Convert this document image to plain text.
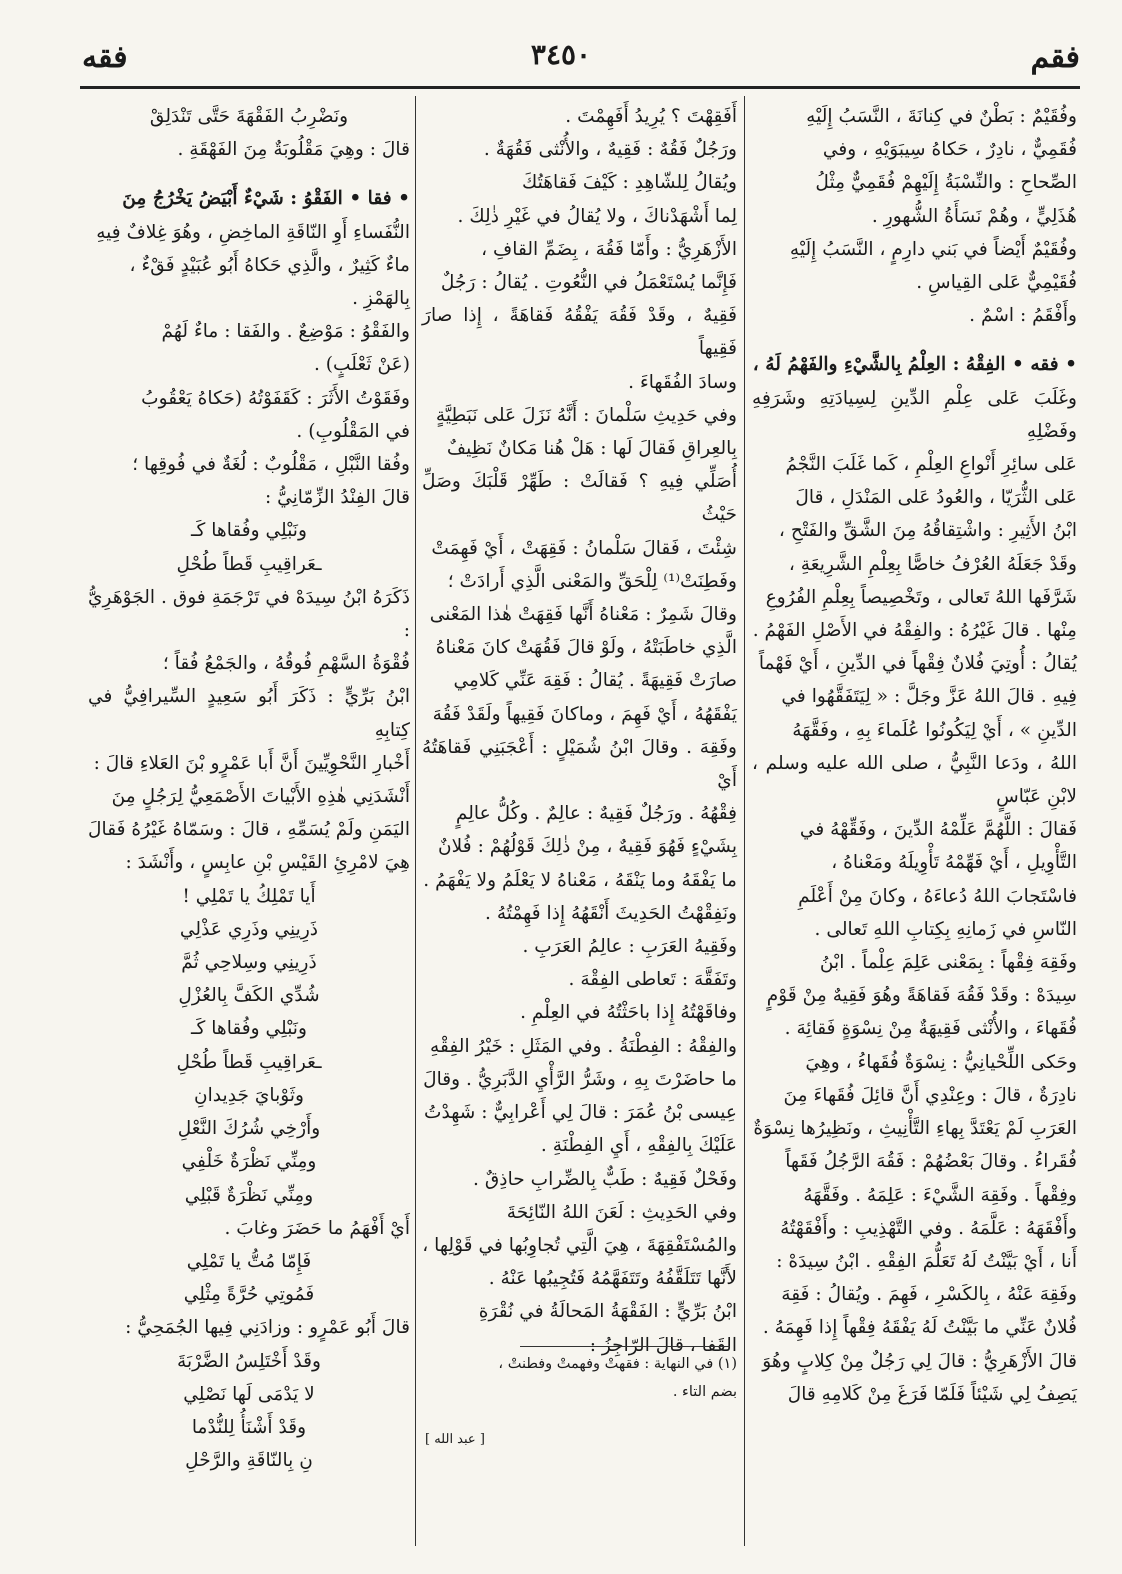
فقم
٣٤٥٠
فقه

وفُقَيْمٌ : بَطْنٌ في كِنانَةَ ، النَّسَبُ إِلَيْهِ

فُقَمِيٌّ ، نادِرٌ ، حَكاهُ سِيبَوَيْهِ ، وفي

الصِّحاحِ : والنِّسْبَةُ إِلَيْهِمْ فُقَمِيٌّ مِثْلُ

هُذَلِيٍّ ، وهُمْ نَسَأَةُ الشُّهورِ .

وفُقَيْمٌ أَيْضاً في بَني دارِمٍ ، النَّسَبُ إِلَيْهِ

فُقَيْمِيٌّ عَلى القِياسِ .

وأَفْقَمُ : اسْمٌ .

• فقه • الفِقْهُ : العِلْمُ بِالشَّيْءِ والفَهْمُ لَهُ ،

وغَلَبَ عَلى عِلْمِ الدِّينِ لِسِيادَتِهِ وشَرَفِهِ وفَضْلِهِ

عَلى سائِرِ أَنْواعِ العِلْمِ ، كَما غَلَبَ النَّجْمُ

عَلى الثُّرَيّا ، والعُودُ عَلى المَنْدَلِ ، قالَ

ابْنُ الأَثِيرِ : واشْتِقاقُهُ مِنَ الشَّقِّ والفَتْحِ ،

وقَدْ جَعَلَهُ العُرْفُ خاصًّا بِعِلْمِ الشَّرِيعَةِ ،

شَرَّفَها اللهُ تَعالى ، وتَخْصِيصاً بِعِلْمِ الفُرُوعِ

مِنْها . قالَ غَيْرُهُ : والفِقْهُ في الأَصْلِ الفَهْمُ .

يُقالُ : أُوتِيَ فُلانٌ فِقْهاً في الدِّينِ ، أَيْ فَهْماً

فِيهِ . قالَ اللهُ عَزَّ وجَلَّ : « لِيَتَفَقَّهُوا في

الدِّينِ » ، أَيْ لِيَكُونُوا عُلَماءَ بِهِ ، وفَقَّهَهُ

اللهُ ، ودَعا النَّبِيُّ ، صلى الله عليه وسلم ، لابْنِ عَبّاسٍ

فَقالَ : اللَّهُمَّ عَلِّمْهُ الدِّينَ ، وفَقِّهْهُ في

التَّأْوِيلِ ، أَيْ فَهِّمْهُ تَأْوِيلَهُ ومَعْناهُ ،

فاسْتَجابَ اللهُ دُعاءَهُ ، وكانَ مِنْ أَعْلَمِ

النّاسِ في زَمانِهِ بِكِتابِ اللهِ تَعالى .

وفَقِهَ فِقْهاً : بِمَعْنى عَلِمَ عِلْماً . ابْنُ

سِيدَهْ : وقَدْ فَقُهَ فَقاهَةً وهُوَ فَقِيهٌ مِنْ قَوْمٍ

فُقَهاءَ ، والأُنْثى فَقِيهَةٌ مِنْ نِسْوَةٍ فَقائِهَ .

وحَكى اللِّحْيانِيُّ : نِسْوَةٌ فُقَهاءُ ، وهِيَ

نادِرَةٌ ، قالَ : وعِنْدِي أَنَّ قائِلَ فُقَهاءَ مِنَ

العَرَبِ لَمْ يَعْتَدَّ بِهاءِ التَّأْنِيثِ ، ونَظِيرُها نِسْوَةٌ

فُقَراءُ . وقالَ بَعْضُهُمْ : فَقُهَ الرَّجُلُ فَقَهاً

وفِقْهاً . وفَقِهَ الشَّيْءَ : عَلِمَهُ . وفَقَّهَهُ

وأَفْقَهَهُ : عَلَّمَهُ . وفي التَّهْذِيبِ : وأَفْقَهْتُهُ

أَنا ، أَيْ بَيَّنْتُ لَهُ تَعَلُّمَ الفِقْهِ . ابْنُ سِيدَهْ :

وفَقِهَ عَنْهُ ، بِالكَسْرِ ، فَهِمَ . ويُقالُ : فَقِهَ

فُلانٌ عَنِّي ما بَيَّنْتُ لَهُ يَفْقَهُ فِقْهاً إِذا فَهِمَهُ .

قالَ الأَزْهَرِيُّ : قالَ لِي رَجُلٌ مِنْ كِلابٍ وهُوَ

يَصِفُ لِي شَيْئاً فَلَمّا فَرَغَ مِنْ كَلامِهِ قالَ

أَفَقِهْتَ ؟ يُرِيدُ أَفَهِمْتَ .

ورَجُلٌ فَقُهٌ : فَقِيهٌ ، والأُنْثى فَقُهَةٌ .

ويُقالُ لِلشّاهِدِ : كَيْفَ فَقاهَتُكَ

لِما أَشْهَدْناكَ ، ولا يُقالُ في غَيْرِ ذٰلِكَ .

الأَزْهَرِيُّ : وأَمّا فَقُهَ ، بِضَمِّ القافِ ،

فَإِنَّما يُسْتَعْمَلُ في النُّعُوتِ . يُقالُ : رَجُلٌ

فَقِيهٌ ، وقَدْ فَقُهَ يَفْقُهُ فَقاهَةً ، إِذا صارَ فَقِيهاً

وسادَ الفُقَهاءَ .

وفي حَدِيثِ سَلْمانَ : أَنَّهُ نَزَلَ عَلى نَبَطِيَّةٍ

بِالعِراقِ فَقالَ لَها : هَلْ هُنا مَكانٌ نَظِيفٌ

أُصَلِّي فِيهِ ؟ فَقالَتْ : طَهِّرْ قَلْبَكَ وصَلِّ حَيْثُ

شِئْتَ ، فَقالَ سَلْمانُ : فَقِهَتْ ، أَيْ فَهِمَتْ

وفَطِنَتْ⁽¹⁾ لِلْحَقِّ والمَعْنى الَّذِي أَرادَتْ ؛

وقالَ شَمِرٌ : مَعْناهُ أَنَّها فَقِهَتْ هٰذا المَعْنى

الَّذِي خاطَبَتْهُ ، ولَوْ قالَ فَقُهَتْ كانَ مَعْناهُ

صارَتْ فَقِيهَةً . يُقالُ : فَقِهَ عَنِّي كَلامِي

يَفْقَهُهُ ، أَيْ فَهِمَ ، وماكانَ فَقِيهاً ولَقَدْ فَقُهَ

وفَقِهَ . وقالَ ابْنُ شُمَيْلٍ : أَعْجَبَنِي فَقاهَتُهُ أَيْ

فِقْهُهُ . ورَجُلٌ فَقِيهٌ : عالِمٌ . وكُلُّ عالِمٍ

بِشَيْءٍ فَهُوَ فَقِيهٌ ، مِنْ ذٰلِكَ قَوْلُهُمْ : فُلانٌ

ما يَفْقَهُ وما يَنْقَهُ ، مَعْناهُ لا يَعْلَمُ ولا يَفْهَمُ .

ونَفِقْهْتُ الحَدِيثَ أَنْقَهُهُ إِذا فَهِمْتُهُ .

وفَقِيهُ العَرَبِ : عالِمُ العَرَبِ .

وتَفَقَّهَ : تَعاطى الفِقْهَ .

وفاقَهْتُهُ إِذا باحَثْتُهُ في العِلْمِ .

والفِقْهُ : الفِطْنَةُ . وفي المَثَلِ : خَيْرُ الفِقْهِ

ما حاضَرْتَ بِهِ ، وشَرُّ الرَّأْيِ الدَّبَرِيُّ . وقالَ

عِيسى بْنُ عُمَرَ : قالَ لِي أَعْرابِيٌّ : شَهِدْتُ

عَلَيْكَ بِالفِقْهِ ، أَيِ الفِطْنَةِ .

وفَحْلٌ فَقِيهٌ : طَبٌّ بِالضِّرابِ حاذِقٌ .

وفي الحَدِيثِ : لَعَنَ اللهُ النّائِحَةَ

والمُسْتَفْقِهَةَ ، هِيَ الَّتِي تُجاوِبُها في قَوْلِها ،

لأَنَّها تَتَلَقَّفُهُ وتَتَفَهَّمُهُ فَتُجِيبُها عَنْهُ .

ابْنُ بَرِّيٍّ : الفَقْهَةُ المَحالَةُ في نُقْرَةِ

القَفا ، قالَ الرّاجِزُ :

ونَضْرِبُ الفَقْهَةَ حَتَّى تَنْدَلِقْ

قالَ : وهِيَ مَقْلُوبَةٌ مِنَ الفَهْقَةِ .

• فقا • الفَقْوُ : شَيْءٌ أَبْيَضُ يَخْرُجُ مِنَ

النُّفَساءِ أَوِ النّاقَةِ الماخِضِ ، وهُوَ غِلافٌ فِيهِ

ماءٌ كَثِيرٌ ، والَّذِي حَكاهُ أَبُو عُبَيْدٍ فَقْءٌ ،

بِالهَمْزِ .

والفَقْوُ : مَوْضِعٌ . والفَقا : ماءٌ لَهُمْ

(عَنْ ثَعْلَبٍ) .

وفَقَوْتُ الأَثَرَ : كَقَفَوْتُهُ (حَكاهُ يَعْقُوبُ

في المَقْلُوبِ) .

وفُقا النَّبْلِ ، مَقْلُوبٌ : لُغَةٌ في فُوقِها ؛

قالَ الفِنْدُ الزِّمّانِيُّ :

ونَبْلِي وفُقاها كَـ

ـعَراقِيبِ قَطاً طُحْلِ

ذَكَرَهُ ابْنُ سِيدَهْ في تَرْجَمَةِ فوق . الجَوْهَرِيُّ :

فُقْوَةُ السَّهْمِ فُوقُهُ ، والجَمْعُ فُقاً ؛

ابْنُ بَرِّيٍّ : ذَكَرَ أَبُو سَعِيدٍ السِّيرافِيُّ في كِتابِهِ

أَخْبارِ النَّحْوِيِّينَ أَنَّ أَبا عَمْرٍو بْنَ العَلاءِ قالَ :

أَنْشَدَنِي هٰذِهِ الأَبْياتَ الأَصْمَعِيُّ لِرَجُلٍ مِنَ

اليَمَنِ ولَمْ يُسَمِّهِ ، قالَ : وسَمّاهُ غَيْرُهُ فَقالَ

هِيَ لامْرِئِ القَيْسِ بْنِ عابِسٍ ، وأَنْشَدَ :

أَيا تَمْلِكُ يا تَمْلِي !

ذَرِينِي وذَرِي عَذْلِي

ذَرِينِي وسِلاحِي ثُمَّ

شُدِّي الكَفَّ بِالعُزْلِ

ونَبْلِي وفُقاها كَـ

ـعَراقِيبِ قَطاً طُحْلِ

وثَوْبايَ جَدِيدانِ

وأَرْخِي شُرُكَ النَّعْلِ

ومِنِّي نَظْرَةٌ خَلْفِي

ومِنِّي نَظْرَةٌ قَبْلِي

أَيْ أَفْهَمُ ما حَضَرَ وغابَ .

فَإِمّا مُتُّ يا تَمْلِي

فَمُوتِي حُرَّةً مِثْلِي

قالَ أَبُو عَمْرٍو : وزادَنِي فِيها الجُمَحِيُّ :

وقَدْ أَخْتَلِسُ الضَّرْبَةَ

لا يَدْمَى لَها نَصْلِي

وقَدْ أَشْنَأُ لِلنُّدْما

نِ بِالنّاقَةِ والرَّحْلِ

(١) في النهاية : فقهتْ وفهمتْ وفطنتْ ،
بضم التاء .
[ عبد الله ]
